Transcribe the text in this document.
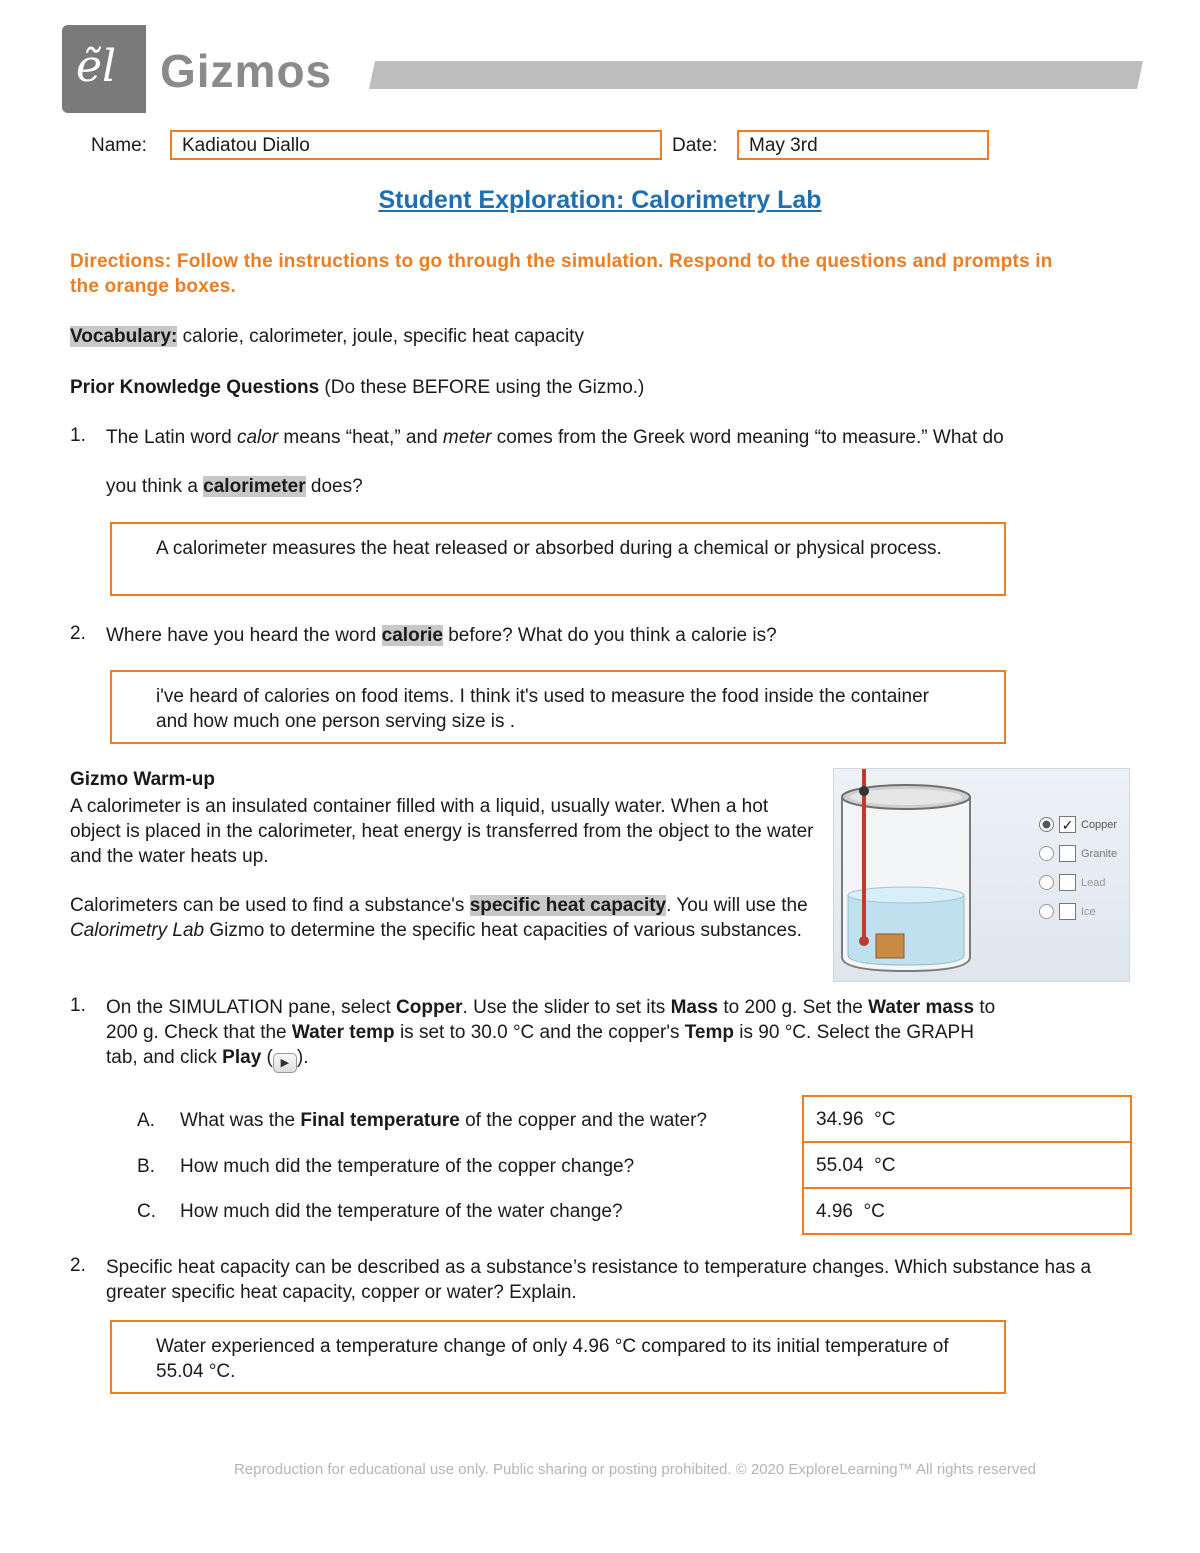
ẽl Gizmos
Name: Kadiatou Diallo	Date: May 3rd
Student Exploration: Calorimetry Lab
Directions: Follow the instructions to go through the simulation. Respond to the questions and prompts in the orange boxes.
Vocabulary: calorie, calorimeter, joule, specific heat capacity
Prior Knowledge Questions (Do these BEFORE using the Gizmo.)
1. The Latin word calor means “heat,” and meter comes from the Greek word meaning “to measure.” What do
you think a calorimeter does?
A calorimeter measures the heat released or absorbed during a chemical or physical process.
2. Where have you heard the word calorie before? What do you think a calorie is?
i've heard of calories on food items. I think it's used to measure the food inside the container and how much one person serving size is .
Gizmo Warm-up
A calorimeter is an insulated container filled with a liquid, usually water. When a hot object is placed in the calorimeter, heat energy is transferred from the object to the water and the water heats up.
Calorimeters can be used to find a substance's specific heat capacity. You will use the Calorimetry Lab Gizmo to determine the specific heat capacities of various substances.
✓ Copper
Granite
Lead
Ice
1. On the SIMULATION pane, select Copper. Use the slider to set its Mass to 200 g. Set the Water mass to
200 g. Check that the Water temp is set to 30.0 °C and the copper's Temp is 90 °C. Select the GRAPH
tab, and click Play ( ▶ ).
A. What was the Final temperature of the copper and the water?
B. How much did the temperature of the copper change?
C. How much did the temperature of the water change?
34.96  °C
55.04  °C
4.96  °C
2. Specific heat capacity can be described as a substance’s resistance to temperature changes. Which substance has a greater specific heat capacity, copper or water? Explain.
Water experienced a temperature change of only 4.96 °C compared to its initial temperature of 55.04 °C.
Reproduction for educational use only. Public sharing or posting prohibited. © 2020 ExploreLearning™ All rights reserved
